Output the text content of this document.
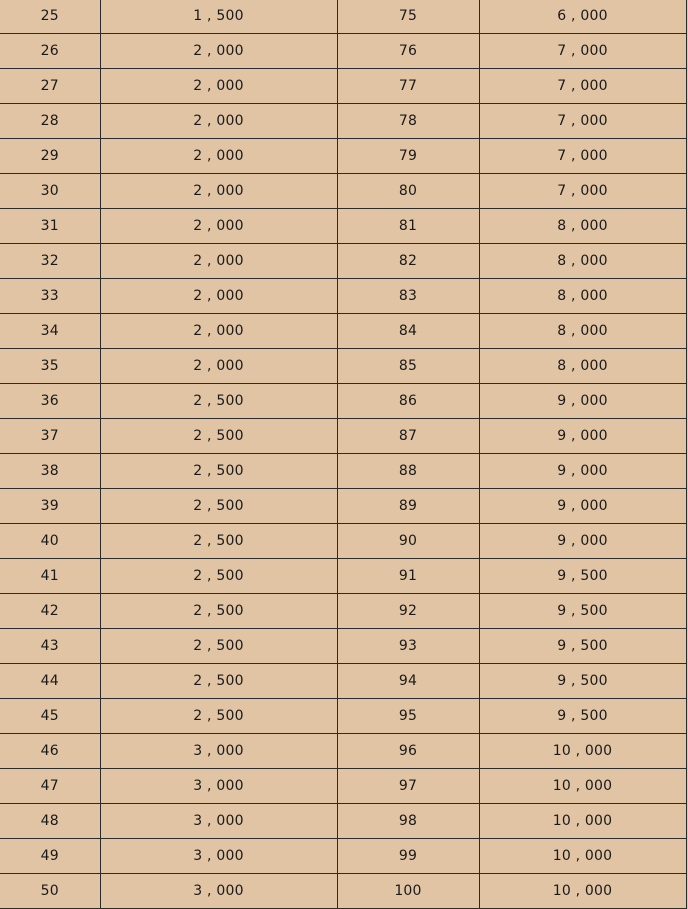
25	1 , 500	75	6 , 000
26	2 , 000	76	7 , 000
27	2 , 000	77	7 , 000
28	2 , 000	78	7 , 000
29	2 , 000	79	7 , 000
30	2 , 000	80	7 , 000
31	2 , 000	81	8 , 000
32	2 , 000	82	8 , 000
33	2 , 000	83	8 , 000
34	2 , 000	84	8 , 000
35	2 , 000	85	8 , 000
36	2 , 500	86	9 , 000
37	2 , 500	87	9 , 000
38	2 , 500	88	9 , 000
39	2 , 500	89	9 , 000
40	2 , 500	90	9 , 000
41	2 , 500	91	9 , 500
42	2 , 500	92	9 , 500
43	2 , 500	93	9 , 500
44	2 , 500	94	9 , 500
45	2 , 500	95	9 , 500
46	3 , 000	96	10 , 000
47	3 , 000	97	10 , 000
48	3 , 000	98	10 , 000
49	3 , 000	99	10 , 000
50	3 , 000	100	10 , 000
